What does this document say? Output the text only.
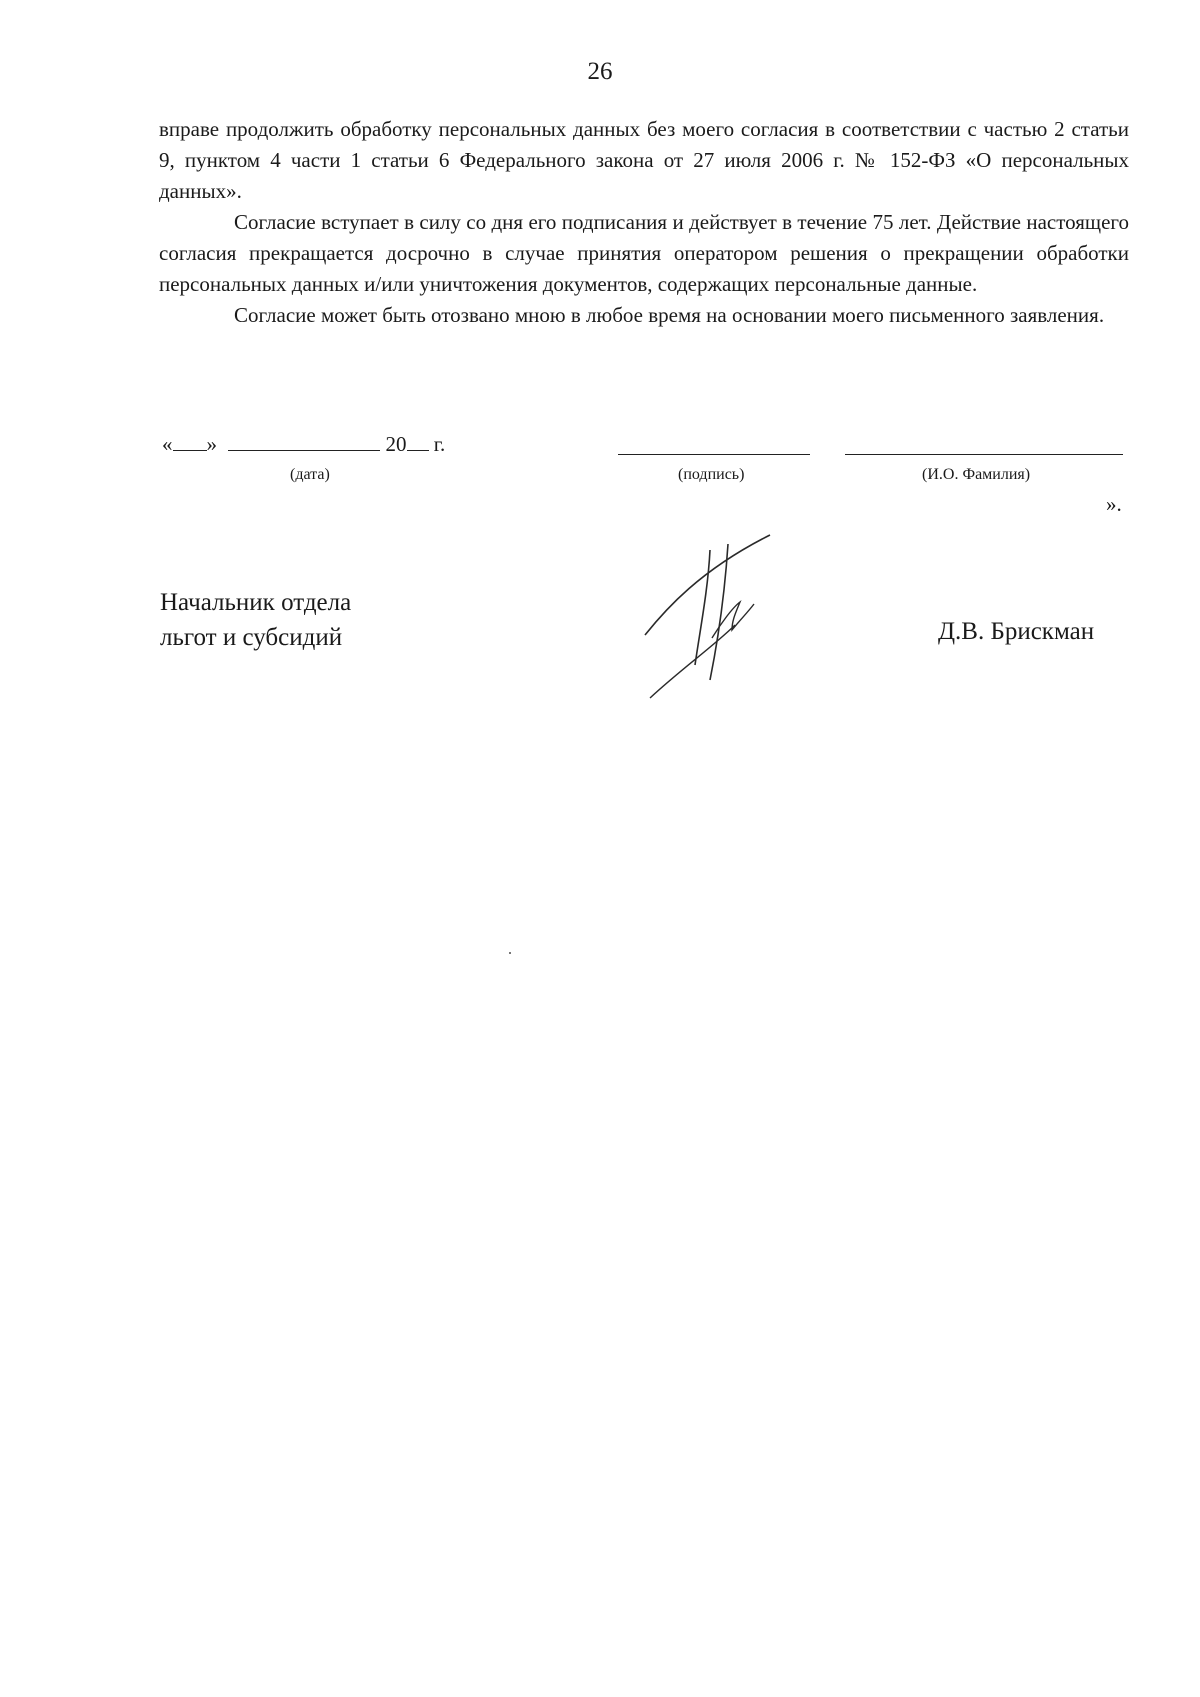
26

вправе продолжить обработку персональных данных без моего согласия в соответствии с частью 2 статьи 9, пунктом 4 части 1 статьи 6 Федерального закона от 27 июля 2006 г. № 152-ФЗ «О персональных данных».

Согласие вступает в силу со дня его подписания и действует в течение 75 лет. Действие настоящего согласия прекращается досрочно в случае принятия оператором решения о прекращении обработки персональных данных и/или уничтожения документов, содержащих персональные данные.

Согласие может быть отозвано мною в любое время на основании моего письменного заявления.

« »	20 г.
(дата)	(подпись)	(И.О. Фамилия)
».
Начальник отдела
льгот и субсидий	Д.В. Брискман
